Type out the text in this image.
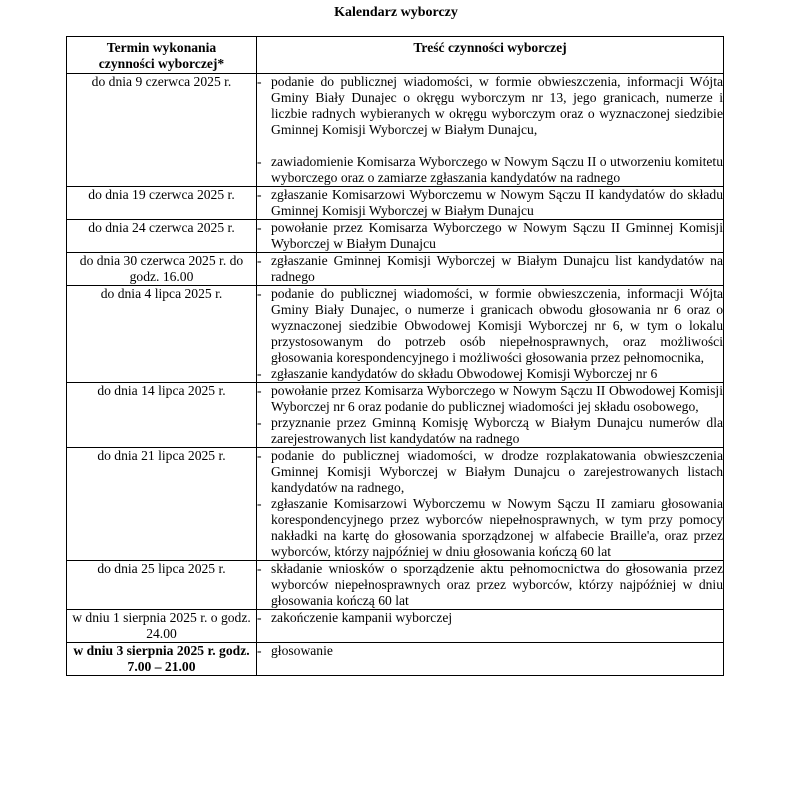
Kalendarz wyborczy
Termin wykonania czynności wyborczej*	Treść czynności wyborczej
do dnia 9 czerwca 2025 r.	- podanie do publicznej wiadomości, w formie obwieszczenia, informacji Wójta Gminy Biały Dunajec o okręgu wyborczym nr 13, jego granicach, numerze i liczbie radnych wybieranych w okręgu wyborczym oraz o wyznaczonej siedzibie Gminnej Komisji Wyborczej w Białym Dunajcu,
- zawiadomienie Komisarza Wyborczego w Nowym Sączu II o utworzeniu komitetu wyborczego oraz o zamiarze zgłaszania kandydatów na radnego

do dnia 19 czerwca 2025 r.	- zgłaszanie Komisarzowi Wyborczemu w Nowym Sączu II kandydatów do składu Gminnej Komisji Wyborczej w Białym Dunajcu

do dnia 24 czerwca 2025 r.	- powołanie przez Komisarza Wyborczego w Nowym Sączu II Gminnej Komisji Wyborczej w Białym Dunajcu

do dnia 30 czerwca 2025 r. do godz. 16.00	- zgłaszanie Gminnej Komisji Wyborczej w Białym Dunajcu list kandydatów na radnego

do dnia 4 lipca 2025 r.	- podanie do publicznej wiadomości, w formie obwieszczenia, informacji Wójta Gminy Biały Dunajec, o numerze i granicach obwodu głosowania nr 6 oraz o wyznaczonej siedzibie Obwodowej Komisji Wyborczej nr 6, w tym o lokalu przystosowanym do potrzeb osób niepełnosprawnych, oraz możliwości głosowania korespondencyjnego i możliwości głosowania przez pełnomocnika,
- zgłaszanie kandydatów do składu Obwodowej Komisji Wyborczej nr 6

do dnia 14 lipca 2025 r.	- powołanie przez Komisarza Wyborczego w Nowym Sączu II Obwodowej Komisji Wyborczej nr 6 oraz podanie do publicznej wiadomości jej składu osobowego,
- przyznanie przez Gminną Komisję Wyborczą w Białym Dunajcu numerów dla zarejestrowanych list kandydatów na radnego

do dnia 21 lipca 2025 r.	- podanie do publicznej wiadomości, w drodze rozplakatowania obwieszczenia Gminnej Komisji Wyborczej w Białym Dunajcu o zarejestrowanych listach kandydatów na radnego,
- zgłaszanie Komisarzowi Wyborczemu w Nowym Sączu II zamiaru głosowania korespondencyjnego przez wyborców niepełnosprawnych, w tym przy pomocy nakładki na kartę do głosowania sporządzonej w alfabecie Braille'a, oraz przez wyborców, którzy najpóźniej w dniu głosowania kończą 60 lat

do dnia 25 lipca 2025 r.	- składanie wniosków o sporządzenie aktu pełnomocnictwa do głosowania przez wyborców niepełnosprawnych oraz przez wyborców, którzy najpóźniej w dniu głosowania kończą 60 lat

w dniu 1 sierpnia 2025 r. o godz. 24.00	- zakończenie kampanii wyborczej

w dniu 3 sierpnia 2025 r. godz. 7.00 – 21.00	- głosowanie
